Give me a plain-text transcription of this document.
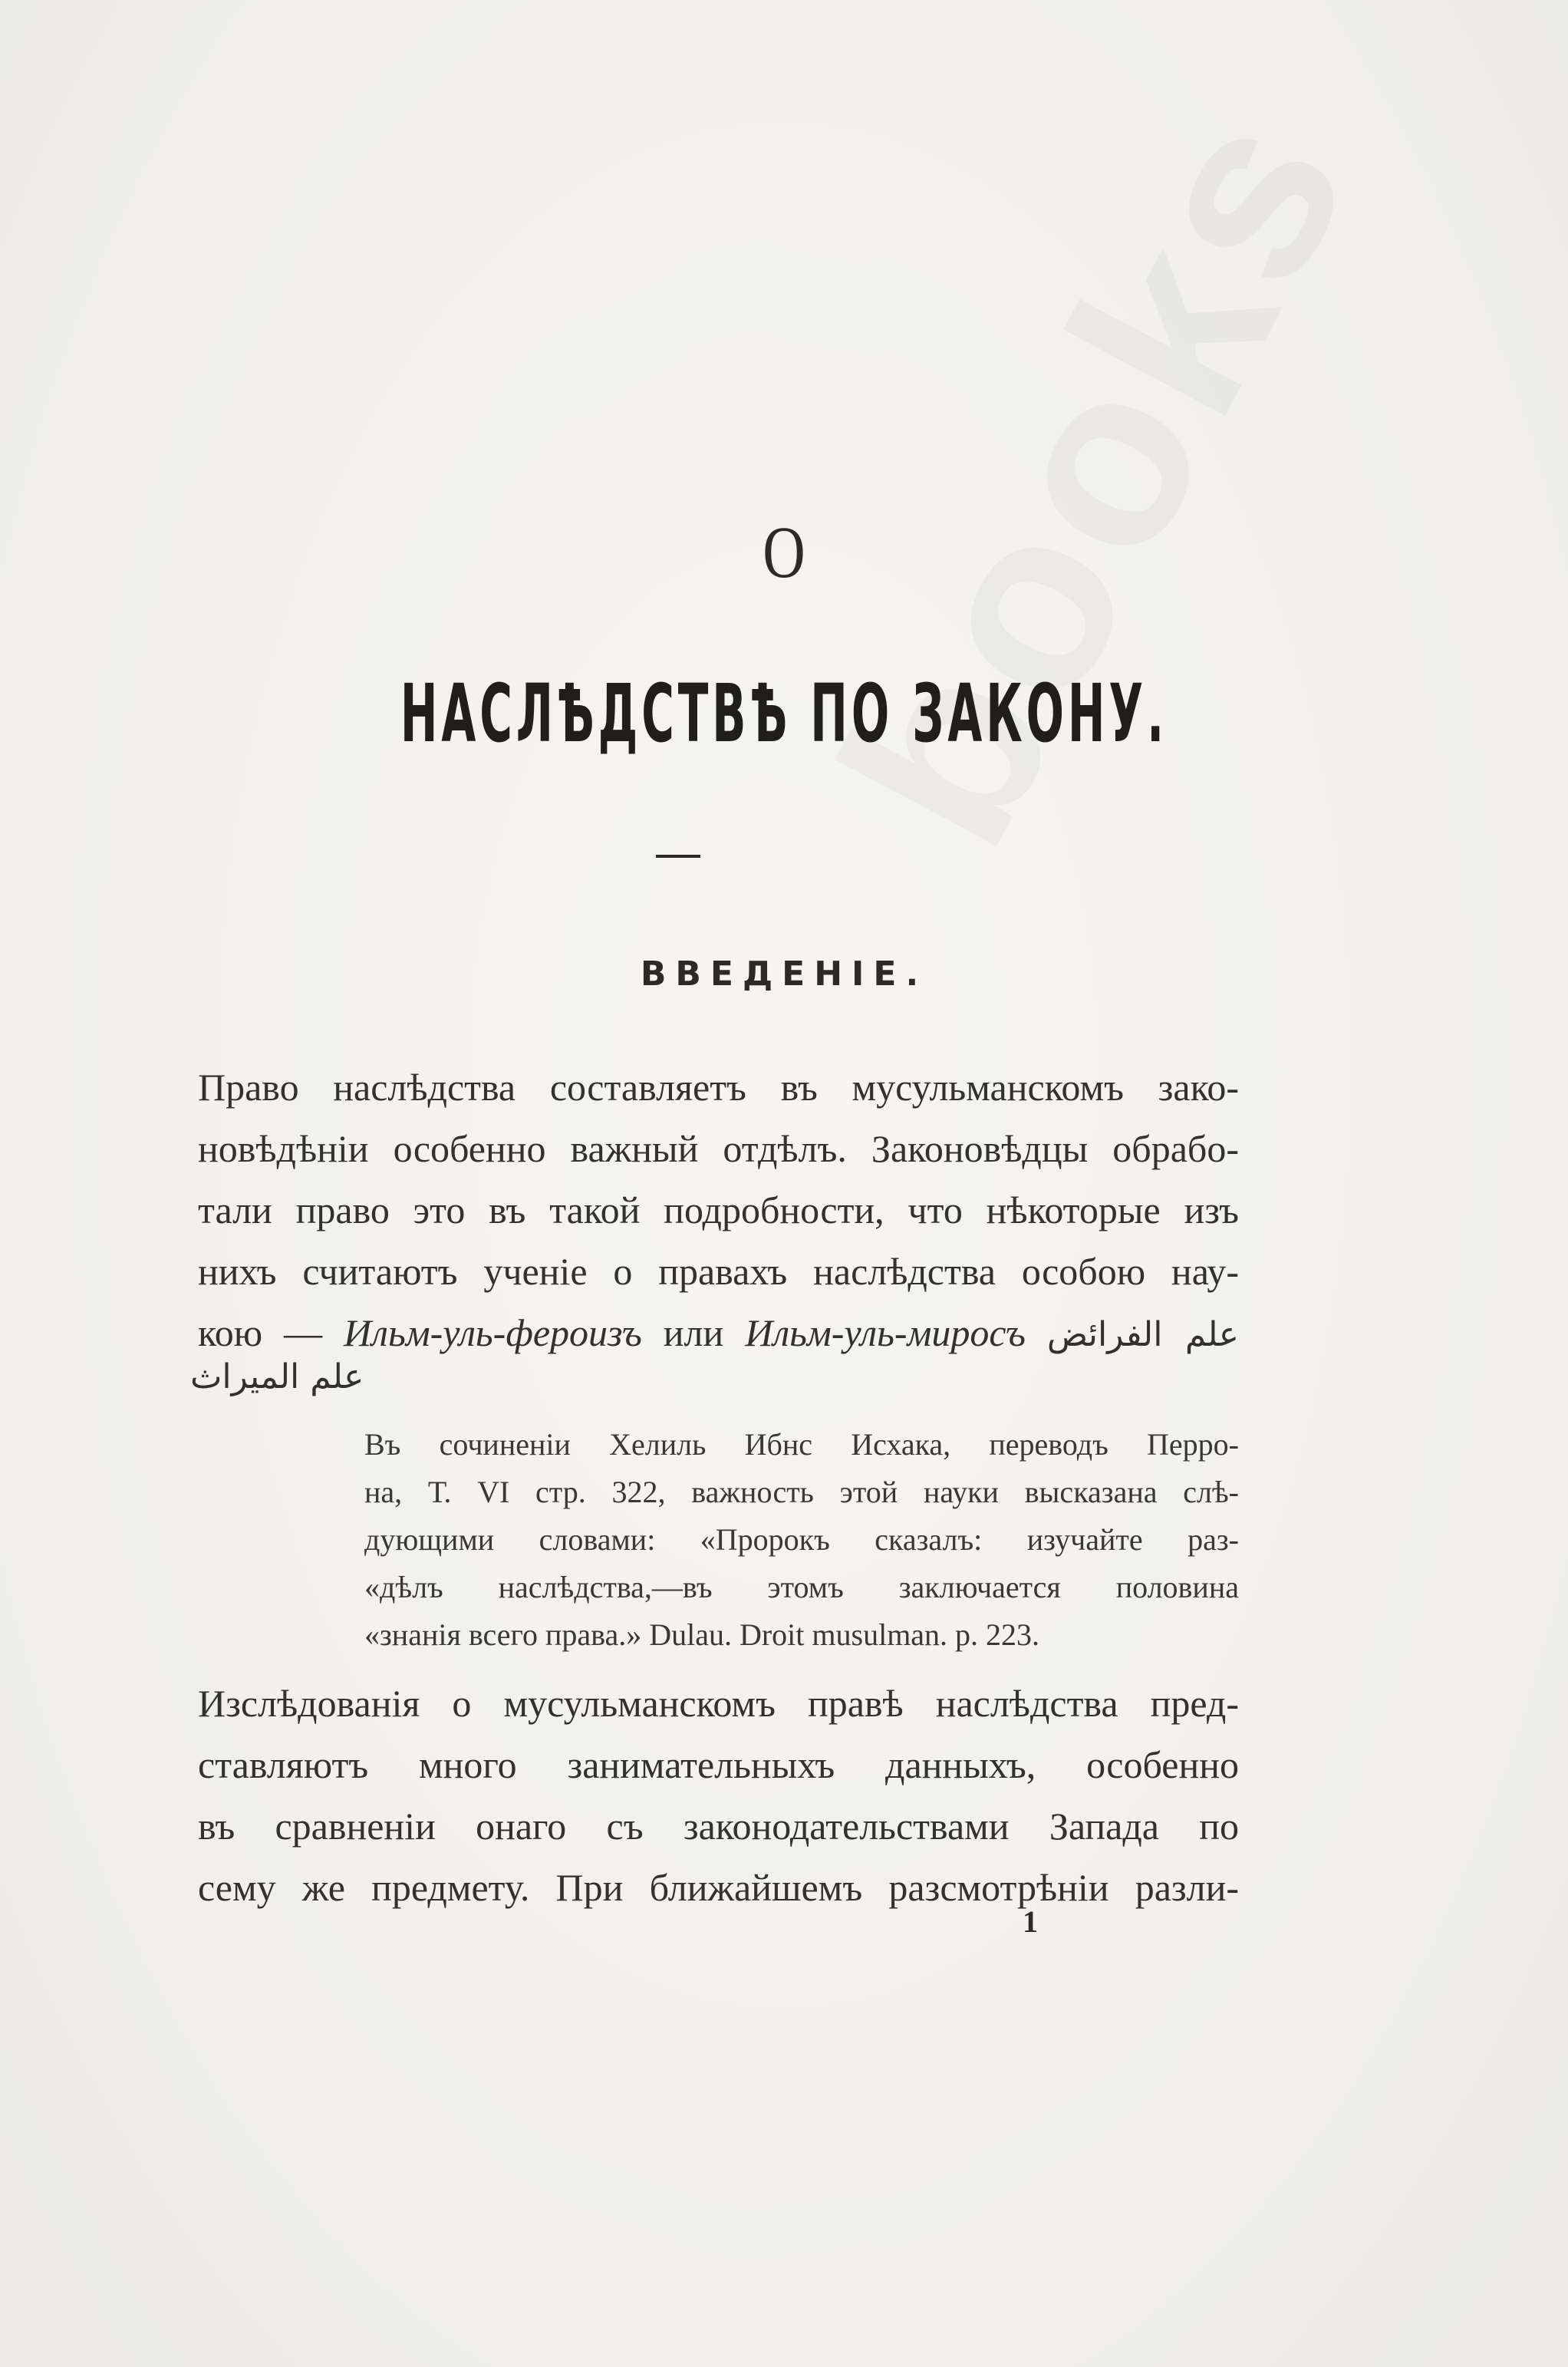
О
НАСЛѢДСТВѢ ПО ЗАКОНУ.
ВВЕДЕНІЕ.
Право наслѣдства составляетъ въ мусульманскомъ зако-
новѣдѣніи особенно важный отдѣлъ. Законовѣдцы обрабо-
тали право это въ такой подробности, что нѣкоторые изъ
нихъ считаютъ ученіе о правахъ наслѣдства особою нау-
кою — Ильм-уль-фероизъ или Ильм-уль-миросъ علم الفرائض
علم الميراث
Въ сочиненіи Хелиль Ибнс Исхака, переводъ Перро-
на, Т. VI стр. 322, важность этой науки высказана слѣ-
дующими словами: «Пророкъ сказалъ: изучайте раз-
«дѣлъ наслѣдства,—въ этомъ заключается половина
«знанія всего права.» Dulau. Droit musulman. p. 223.
Изслѣдованія о мусульманскомъ правѣ наслѣдства пред-
ставляютъ много занимательныхъ данныхъ, особенно
въ сравненіи онаго съ законодательствами Запада по
сему же предмету. При ближайшемъ разсмотрѣніи разли-
1
